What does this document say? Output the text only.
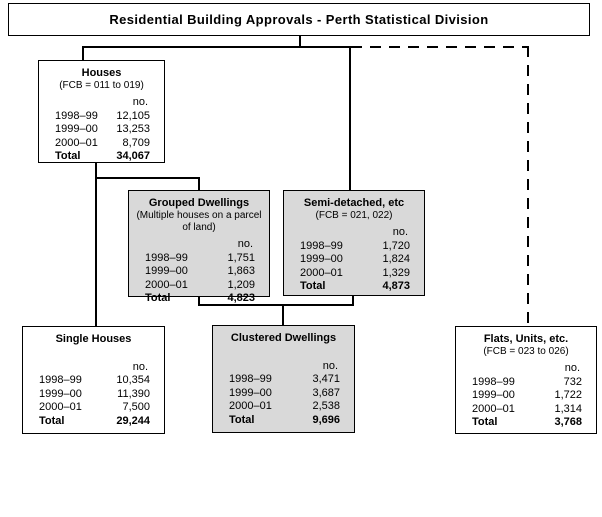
Residential Building Approvals - Perth Statistical Division
Houses
(FCB = 011 to 019)
no.
1998–99 12,105
1999–00 13,253
2000–01 8,709
Total	34,067
Grouped Dwellings
(Multiple houses on a parcel of land)
no.
1998–99	1,751
1999–00	1,863
2000–01	1,209
Total	4,823
Semi-detached, etc
(FCB = 021, 022)
no.
1998–99	1,720
1999–00	1,824
2000–01	1,329
Total	4,873
Single Houses
no.
1998–99	10,354
1999–00	11,390
2000–01	7,500
Total	29,244
Clustered Dwellings
no.
1998–99	3,471
1999–00	3,687
2000–01	2,538
Total	9,696
Flats, Units, etc.
(FCB = 023 to 026)
no.
1998–99	732
1999–00	1,722
2000–01	1,314
Total	3,768
